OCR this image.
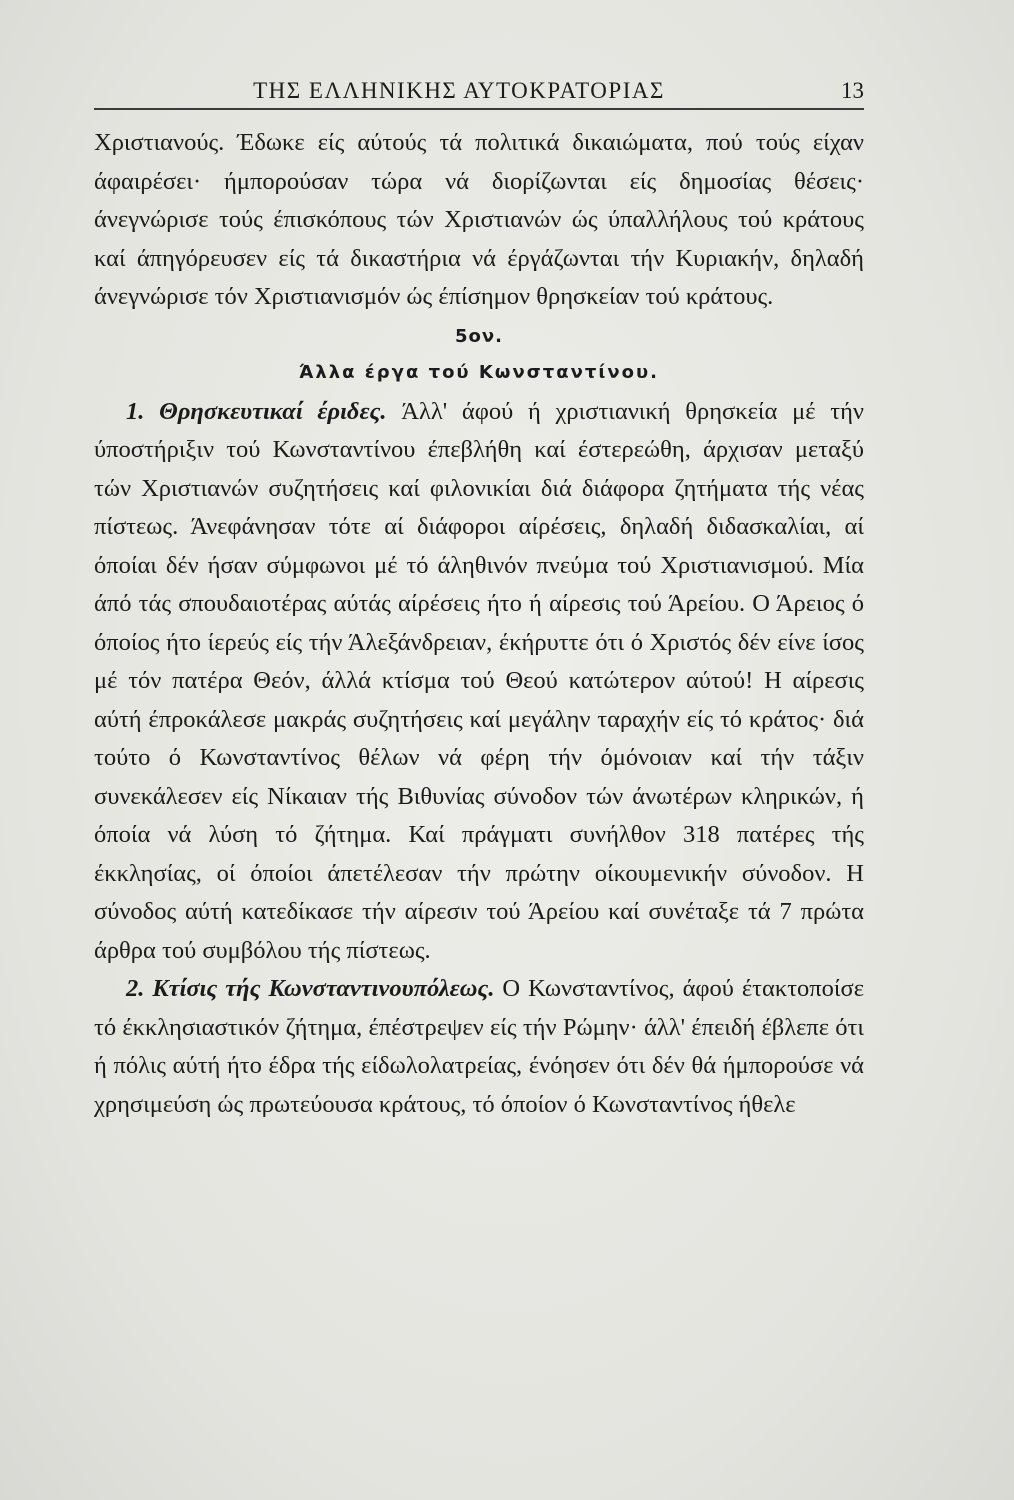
ΤΗΣ ΕΛΛΗΝΙΚΗΣ ΑΥΤΟΚΡΑΤΟΡΙΑΣ	13

Χριστιανούς. Έδωκε είς αύτούς τά πολιτικά δικαιώματα, πού τούς είχαν άφαιρέσει· ήμπορούσαν τώρα νά διορίζωνται είς δημοσίας θέσεις· άνεγνώρισε τούς έπισκόπους τών Χριστιανών ώς ύπαλλήλους τού κράτους καί άπηγόρευσεν είς τά δικαστήρια νά έργάζωνται τήν Κυριακήν, δηλαδή άνεγνώρισε τόν Χριστιανισμόν ώς έπίσημον θρησκείαν τού κράτους.

5ον.
Άλλα έργα τού Κωνσταντίνου.

1. Θρησκευτικαί έριδες. Άλλ' άφού ή χριστιανική θρησκεία μέ τήν ύποστήριξιν τού Κωνσταντίνου έπεβλήθη καί έστερεώθη, άρχισαν μεταξύ τών Χριστιανών συζητήσεις καί φιλονικίαι διά διάφορα ζητήματα τής νέας πίστεως. Άνεφάνησαν τότε αί διάφοροι αίρέσεις, δηλαδή διδασκαλίαι, αί όποίαι δέν ήσαν σύμφωνοι μέ τό άληθινόν πνεύμα τού Χριστιανισμού. Μία άπό τάς σπουδαιοτέρας αύτάς αίρέσεις ήτο ή αίρεσις τού Άρείου. Ο Άρειος ό όποίος ήτο ίερεύς είς τήν Άλεξάνδρειαν, έκήρυττε ότι ό Χριστός δέν είνε ίσος μέ τόν πατέρα Θεόν, άλλά κτίσμα τού Θεού κατώτερον αύτού! Η αίρεσις αύτή έπροκάλεσε μακράς συζητήσεις καί μεγάλην ταραχήν είς τό κράτος· διά τούτο ό Κωνσταντίνος θέλων νά φέρη τήν όμόνοιαν καί τήν τάξιν συνεκάλεσεν είς Νίκαιαν τής Βιθυνίας σύνοδον τών άνωτέρων κληρικών, ή όποία νά λύση τό ζήτημα. Καί πράγματι συνήλθον 318 πατέρες τής έκκλησίας, οί όποίοι άπετέλεσαν τήν πρώτην οίκουμενικήν σύνοδον. Η σύνοδος αύτή κατεδίκασε τήν αίρεσιν τού Άρείου καί συνέταξε τά 7 πρώτα άρθρα τού συμβόλου τής πίστεως.

2. Κτίσις τής Κωνσταντινουπόλεως. Ο Κωνσταντίνος, άφού έτακτοποίσε τό έκκλησιαστικόν ζήτημα, έπέστρεψεν είς τήν Ρώμην· άλλ' έπειδή έβλεπε ότι ή πόλις αύτή ήτο έδρα τής είδωλολατρείας, ένόησεν ότι δέν θά ήμπορούσε νά χρησιμεύση ώς πρωτεύουσα κράτους, τό όποίον ό Κωνσταντίνος ήθελε
